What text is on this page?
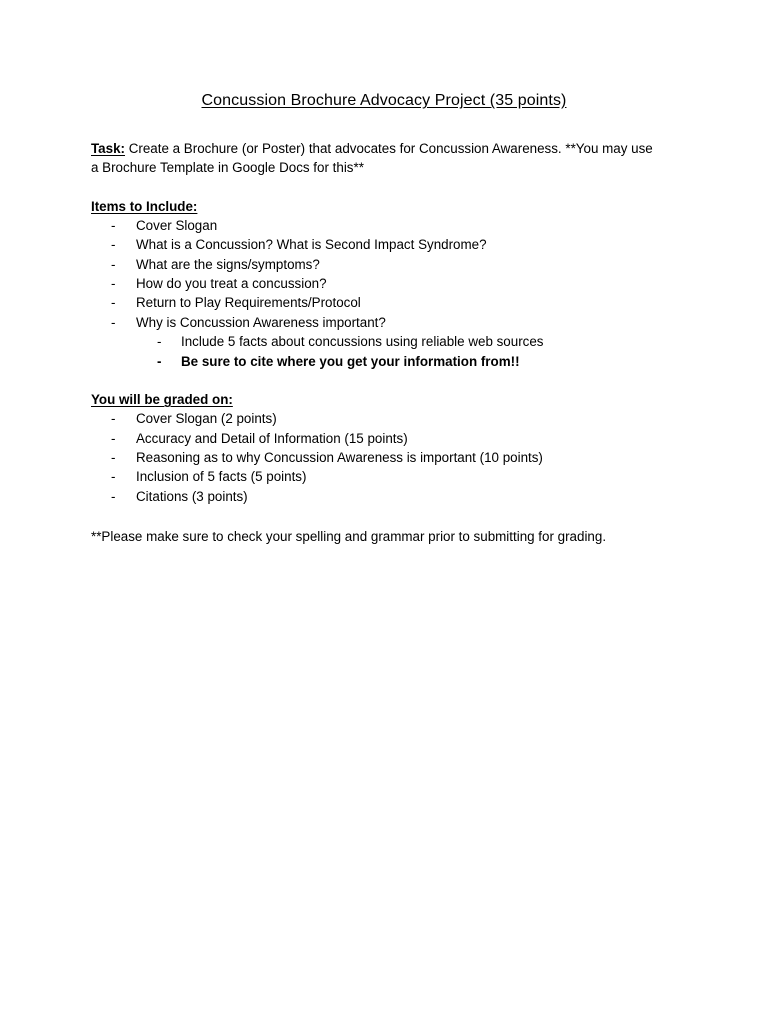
Concussion Brochure Advocacy Project (35 points)
Task: Create a Brochure (or Poster) that advocates for Concussion Awareness. **You may use
a Brochure Template in Google Docs for this**
Items to Include:
- Cover Slogan
- What is a Concussion? What is Second Impact Syndrome?
- What are the signs/symptoms?
- How do you treat a concussion?
- Return to Play Requirements/Protocol
- Why is Concussion Awareness important?
- Include 5 facts about concussions using reliable web sources
- Be sure to cite where you get your information from!!
You will be graded on:
- Cover Slogan (2 points)
- Accuracy and Detail of Information (15 points)
- Reasoning as to why Concussion Awareness is important (10 points)
- Inclusion of 5 facts (5 points)
- Citations (3 points)
**Please make sure to check your spelling and grammar prior to submitting for grading.
